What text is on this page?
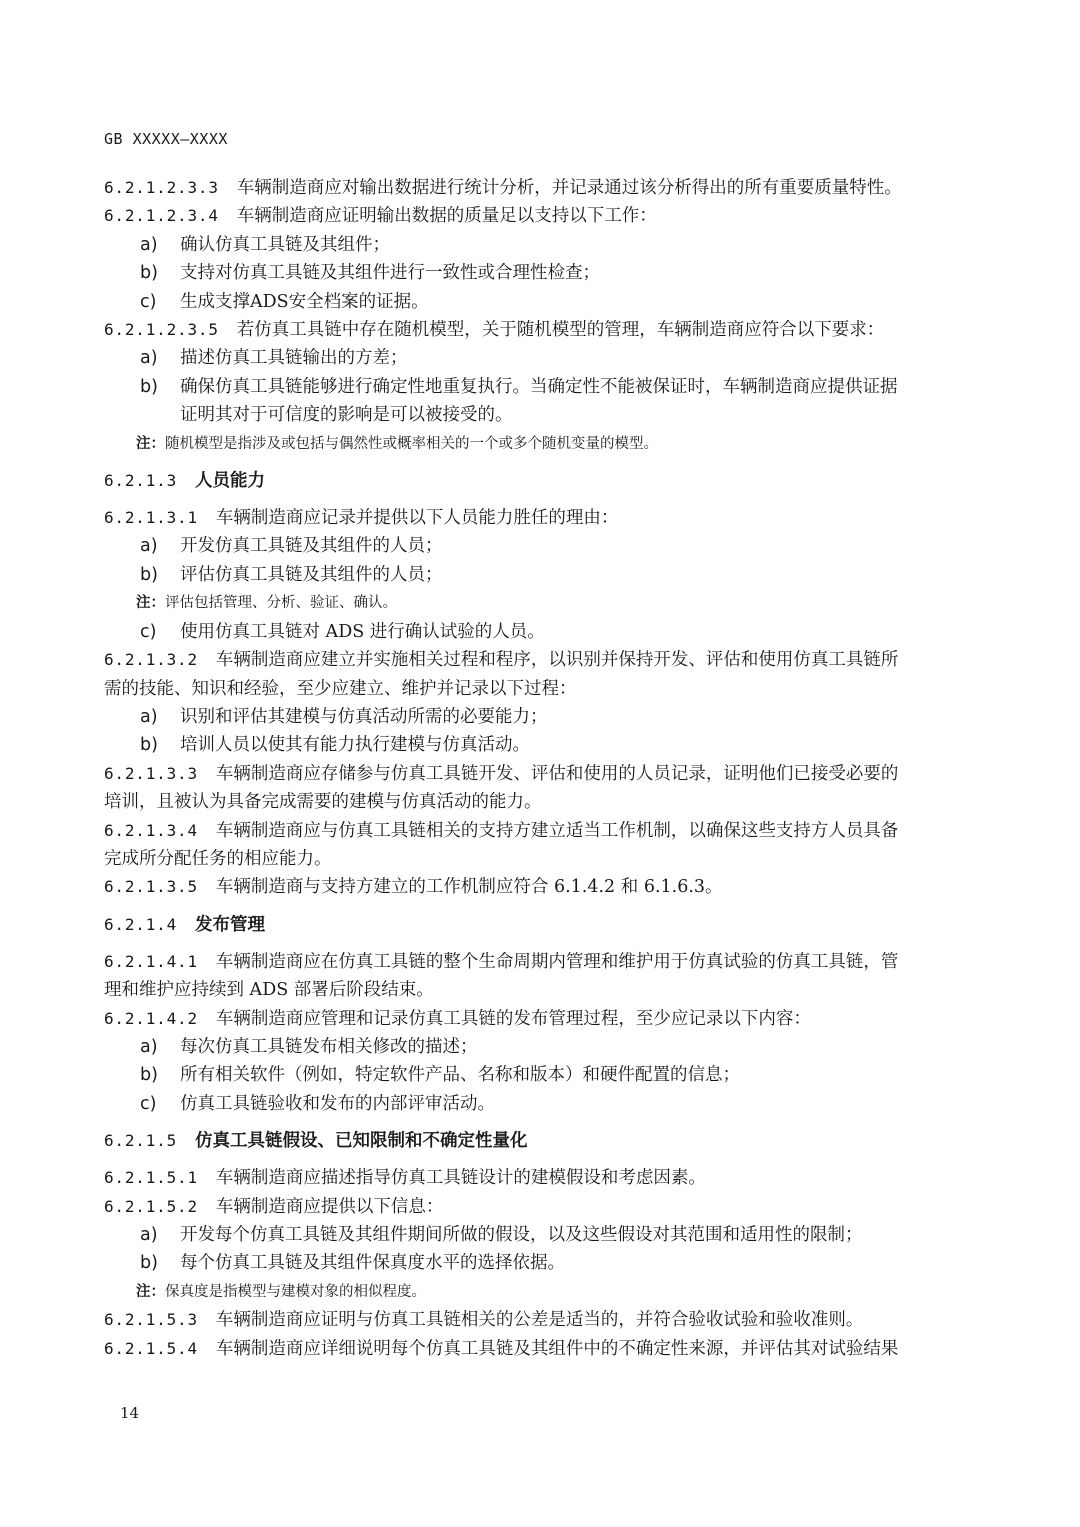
GB XXXXX—XXXX
6.2.1.2.3.3 车辆制造商应对输出数据进行统计分析，并记录通过该分析得出的所有重要质量特性。
6.2.1.2.3.4 车辆制造商应证明输出数据的质量足以支持以下工作：
a) 确认仿真工具链及其组件；
b) 支持对仿真工具链及其组件进行一致性或合理性检查；
c) 生成支撑ADS安全档案的证据。
6.2.1.2.3.5 若仿真工具链中存在随机模型，关于随机模型的管理，车辆制造商应符合以下要求：
a) 描述仿真工具链输出的方差；
b) 确保仿真工具链能够进行确定性地重复执行。当确定性不能被保证时，车辆制造商应提供证据
证明其对于可信度的影响是可以被接受的。
注：随机模型是指涉及或包括与偶然性或概率相关的一个或多个随机变量的模型。
6.2.1.3 人员能力
6.2.1.3.1 车辆制造商应记录并提供以下人员能力胜任的理由：
a) 开发仿真工具链及其组件的人员；
b) 评估仿真工具链及其组件的人员；
注：评估包括管理、分析、验证、确认。
c) 使用仿真工具链对 ADS 进行确认试验的人员。
6.2.1.3.2 车辆制造商应建立并实施相关过程和程序，以识别并保持开发、评估和使用仿真工具链所
需的技能、知识和经验，至少应建立、维护并记录以下过程：
a) 识别和评估其建模与仿真活动所需的必要能力；
b) 培训人员以使其有能力执行建模与仿真活动。
6.2.1.3.3 车辆制造商应存储参与仿真工具链开发、评估和使用的人员记录，证明他们已接受必要的
培训，且被认为具备完成需要的建模与仿真活动的能力。
6.2.1.3.4 车辆制造商应与仿真工具链相关的支持方建立适当工作机制，以确保这些支持方人员具备
完成所分配任务的相应能力。
6.2.1.3.5 车辆制造商与支持方建立的工作机制应符合 6.1.4.2 和 6.1.6.3。
6.2.1.4 发布管理
6.2.1.4.1 车辆制造商应在仿真工具链的整个生命周期内管理和维护用于仿真试验的仿真工具链，管
理和维护应持续到 ADS 部署后阶段结束。
6.2.1.4.2 车辆制造商应管理和记录仿真工具链的发布管理过程，至少应记录以下内容：
a) 每次仿真工具链发布相关修改的描述；
b) 所有相关软件（例如，特定软件产品、名称和版本）和硬件配置的信息；
c) 仿真工具链验收和发布的内部评审活动。
6.2.1.5 仿真工具链假设、已知限制和不确定性量化
6.2.1.5.1 车辆制造商应描述指导仿真工具链设计的建模假设和考虑因素。
6.2.1.5.2 车辆制造商应提供以下信息：
a) 开发每个仿真工具链及其组件期间所做的假设，以及这些假设对其范围和适用性的限制；
b) 每个仿真工具链及其组件保真度水平的选择依据。
注：保真度是指模型与建模对象的相似程度。
6.2.1.5.3 车辆制造商应证明与仿真工具链相关的公差是适当的，并符合验收试验和验收准则。
6.2.1.5.4 车辆制造商应详细说明每个仿真工具链及其组件中的不确定性来源，并评估其对试验结果
14
